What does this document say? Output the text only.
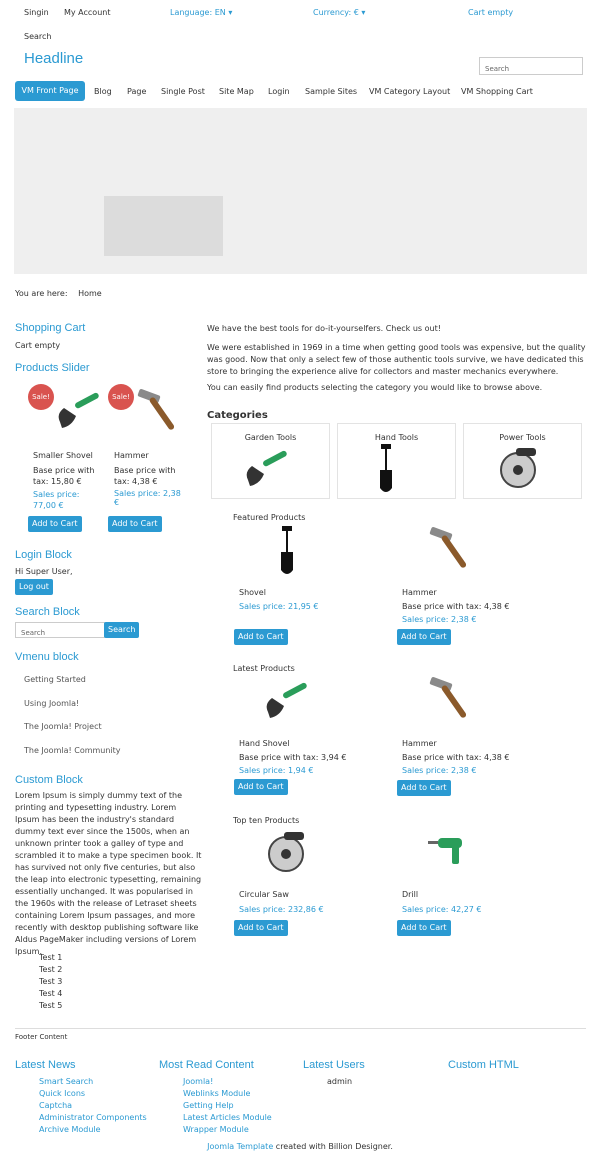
Singin My Account	Language: EN ▾	Currency: € ▾	Cart empty
Search
Headline
Search
VM Front Page	Blog Page Single Post Site Map Login Sample Sites VM Category Layout VM Shopping Cart
You are here: Home
Shopping Cart
Cart empty
Products Slider
Sale!
Smaller Shovel
Base price with tax: 15,80 €
Sales price: 77,00 €
Add to Cart
Sale!
Hammer
Base price with tax: 4,38 €
Sales price: 2,38 €
Add to Cart
Login Block
Hi Super User,
Log out
Search Block
Search	Search
Vmenu block
Getting Started
Using Joomla!
The Joomla! Project
The Joomla! Community
Custom Block
Lorem Ipsum is simply dummy text of the printing and typesetting industry. Lorem Ipsum has been the industry's standard dummy text ever since the 1500s, when an unknown printer took a galley of type and scrambled it to make a type specimen book. It has survived not only five centuries, but also the leap into electronic typesetting, remaining essentially unchanged. It was popularised in the 1960s with the release of Letraset sheets containing Lorem Ipsum passages, and more recently with desktop publishing software like Aldus PageMaker including versions of Lorem Ipsum.
Test 1
Test 2
Test 3
Test 4
Test 5
We have the best tools for do-it-yourselfers. Check us out!
We were established in 1969 in a time when getting good tools was expensive, but the quality was good. Now that only a select few of those authentic tools survive, we have dedicated this store to bringing the experience alive for collectors and master mechanics everywhere.
You can easily find products selecting the category you would like to browse above.
Categories
Garden Tools	Hand Tools	Power Tools
Featured Products
Shovel
Sales price: 21,95 €
Add to Cart
Hammer
Base price with tax: 4,38 €
Sales price: 2,38 €
Add to Cart
Latest Products
Hand Shovel
Base price with tax: 3,94 €
Sales price: 1,94 €
Add to Cart
Hammer
Base price with tax: 4,38 €
Sales price: 2,38 €
Add to Cart
Top ten Products
Circular Saw
Sales price: 232,86 €
Add to Cart
Drill
Sales price: 42,27 €
Add to Cart
Footer Content
Latest News
Smart Search
Quick Icons
Captcha
Administrator Components
Archive Module
Most Read Content
Joomla!
Weblinks Module
Getting Help
Latest Articles Module
Wrapper Module
Latest Users
admin
Custom HTML
Joomla Template created with Billion Designer.
